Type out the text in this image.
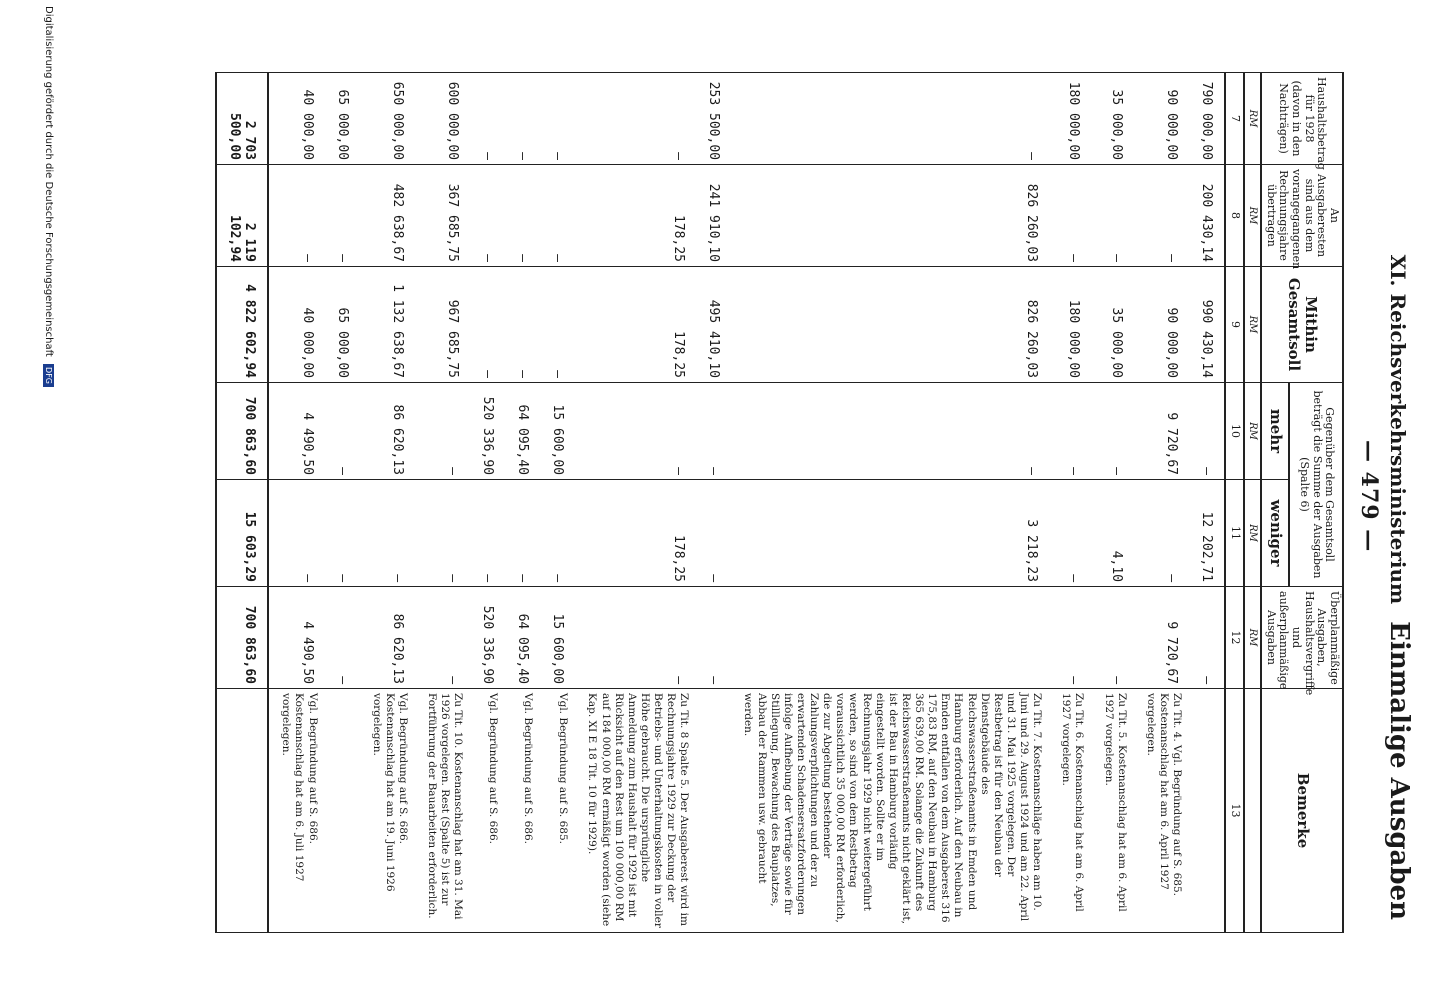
— 479 —
XI. Reichsverkehrsministerium Einmalige Ausgaben
Haushaltsbetrag für 1928 (davon in den Nachträgen)	An Ausgaberesten sind aus dem vorangegangenen Rechnungsjahre übertragen	Mithin Gesamtsoll	Gegenüber dem Gesamtsoll beträgt die Summe der Ausgaben (Spalte 6)		Überplanmäßige Ausgaben, Haushaltsvergriffe und außerplanmäßige Ausgaben	Bemerke
			mehr	weniger		
RM	RM	RM	RM	RM	RM	
7	8	9	10	11	12	13
790 000,00	200 430,14	990 430,14	—	12 202,71	—	
90 000,00	—	90 000,00	9 720,67	—	9 720,67	Zu Tit. 4. Vgl. Begründung auf S. 685. Kostenanschlag hat am 6. April 1927 vorgelegen.
35 000,00	—	35 000,00	—	4,10	—	Zu Tit. 5. Kostenanschlag hat am 6. April 1927 vorgelegen.
180 000,00	—	180 000,00	—	—	—	Zu Tit. 6. Kostenanschlag hat am 6. April 1927 vorgelegen.
—	826 260,03	826 260,03	—	3 218,23		Zu Tit. 7. Kostenanschläge haben am 10. Juni und 29. August 1924 und am 22. April und 31. Mai 1925 vorgelegen. Der Restbetrag ist für den Neubau der Dienstgebäude des Reichswasserstraßenamts in Emden und Hamburg erforderlich. Auf den Neubau in Emden entfallen von dem Ausgaberest 316 175,83 RM, auf den Neubau in Hamburg 365 639,00 RM. Solange die Zukunft des Reichswasserstraßenamts nicht geklärt ist, ist der Bau in Hamburg vorläufig eingestellt worden. Sollte er im Rechnungsjahr 1929 nicht weitergeführt werden, so sind von dem Restbetrag voraussichtlich 35 000,00 RM erforderlich, die zur Abgeltung bestehender Zahlungsverpflichtungen und der zu erwartenden Schadensersatzforderungen infolge Aufhebung der Verträge sowie für Stilllegung, Bewachung des Bauplatzes, Abbau der Rammen usw. gebraucht werden.
253 500,00	241 910,10	495 410,10	—	—	—	
—	178,25	178,25	—	178,25	—	Zu Tit. 8 Spalte 5. Der Ausgaberest wird im Rechnungsjahre 1929 zur Deckung der Betriebs- und Unterhaltungskosten in voller Höhe gebraucht. Die ursprüngliche Anmeldung zum Haushalt für 1929 ist mit Rücksicht auf den Rest um 100 000,00 RM auf 184 000,00 RM ermäßigt worden (siehe Kap. XI E 18 Tit. 10 für 1929).
—	—	—	15 600,00	—	15 600,00	Vgl. Begründung auf S. 685.
—	—	—	64 095,40	—	64 095,40	Vgl. Begründung auf S. 686.
—	—	—	520 336,90	—	520 336,90	Vgl. Begründung auf S. 686.
600 000,00	367 685,75	967 685,75	—	—	—	Zu Tit. 10. Kostenanschlag hat am 31. Mai 1926 vorgelegen. Rest (Spalte 5) ist zur Fortführung der Bauarbeiten erforderlich.
650 000,00	482 638,67	1 132 638,67	86 620,13	—	86 620,13	Vgl. Begründung auf S. 686. Kostenanschlag hat am 19. Juni 1926 vorgelegen.
65 000,00	—	65 000,00	—	—	—	
40 000,00	—	40 000,00	4 490,50	—	4 490,50	Vgl. Begründung auf S. 686. Kostenanschlag hat am 6. Juli 1927 vorgelegen.
2 703 500,00	2 119 102,94	4 822 602,94	700 863,60	15 603,29	700 863,60	
Digitalisierung gefördert durch die Deutsche Forschungsgemeinschaft DFG
